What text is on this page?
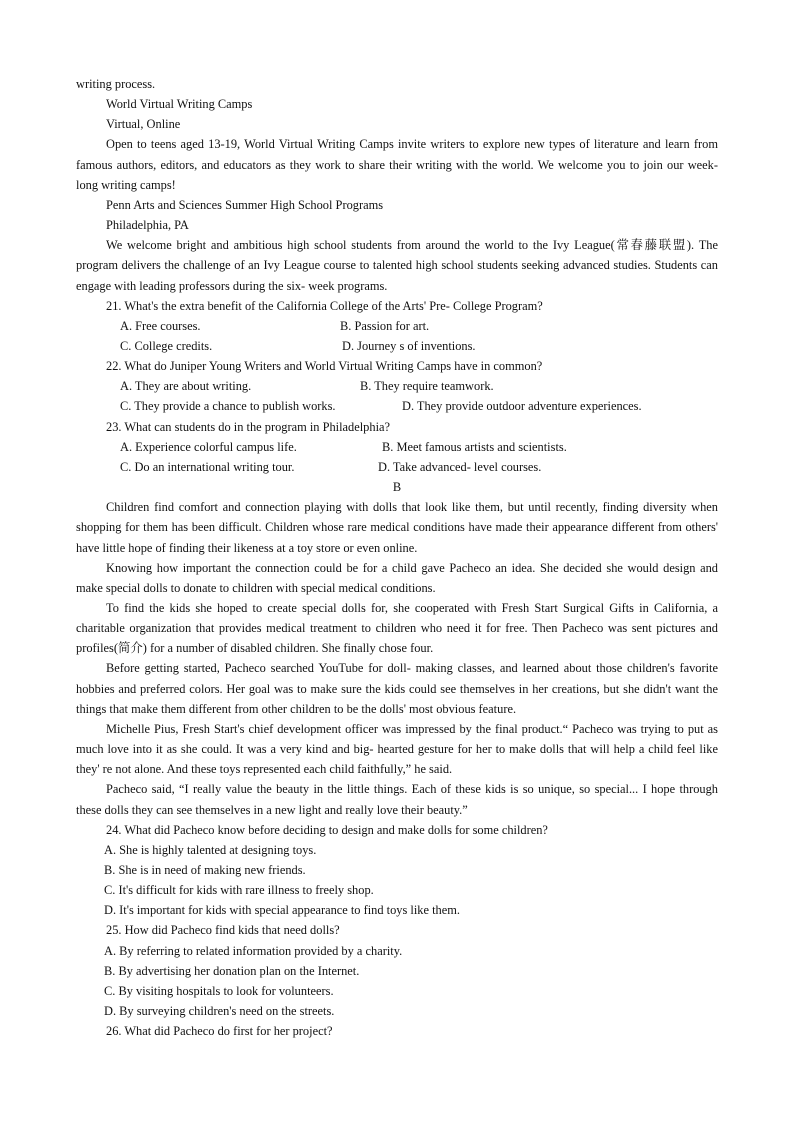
writing process.

World Virtual Writing Camps

Virtual, Online

Open to teens aged 13-19, World Virtual Writing Camps invite writers to explore new types of literature and learn from famous authors, editors, and educators as they work to share their writing with the world. We welcome you to join our week- long writing camps!

Penn Arts and Sciences Summer High School Programs

Philadelphia, PA

We welcome bright and ambitious high school students from around the world to the Ivy League(常春藤联盟). The program delivers the challenge of an Ivy League course to talented high school students seeking advanced studies. Students can engage with leading professors during the six- week programs.

21. What's the extra benefit of the California College of the Arts' Pre- College Program?

A. Free courses.	B. Passion for art.
C. College credits.	D. Journey s of inventions.

22. What do Juniper Young Writers and World Virtual Writing Camps have in common?

A. They are about writing.	B. They require teamwork.
C. They provide a chance to publish works.	D. They provide outdoor adventure experiences.

23. What can students do in the program in Philadelphia?

A. Experience colorful campus life.	B. Meet famous artists and scientists.
C. Do an international writing tour.	D. Take advanced- level courses.

B

Children find comfort and connection playing with dolls that look like them, but until recently, finding diversity when shopping for them has been difficult. Children whose rare medical conditions have made their appearance different from others' have little hope of finding their likeness at a toy store or even online.

Knowing how important the connection could be for a child gave Pacheco an idea. She decided she would design and make special dolls to donate to children with special medical conditions.

To find the kids she hoped to create special dolls for, she cooperated with Fresh Start Surgical Gifts in California, a charitable organization that provides medical treatment to children who need it for free. Then Pacheco was sent pictures and profiles(简介) for a number of disabled children. She finally chose four.

Before getting started, Pacheco searched YouTube for doll- making classes, and learned about those children's favorite hobbies and preferred colors. Her goal was to make sure the kids could see themselves in her creations, but she didn't want the things that make them different from other children to be the dolls' most obvious feature.

Michelle Pius, Fresh Start's chief development officer was impressed by the final product.“ Pacheco was trying to put as much love into it as she could. It was a very kind and big- hearted gesture for her to make dolls that will help a child feel like they' re not alone. And these toys represented each child faithfully,” he said.

Pacheco said, “I really value the beauty in the little things. Each of these kids is so unique, so special... I hope through these dolls they can see themselves in a new light and really love their beauty.”

24. What did Pacheco know before deciding to design and make dolls for some children?

A. She is highly talented at designing toys.

B. She is in need of making new friends.

C. It's difficult for kids with rare illness to freely shop.

D. It's important for kids with special appearance to find toys like them.

25. How did Pacheco find kids that need dolls?

A. By referring to related information provided by a charity.

B. By advertising her donation plan on the Internet.

C. By visiting hospitals to look for volunteers.

D. By surveying children's need on the streets.

26. What did Pacheco do first for her project?
